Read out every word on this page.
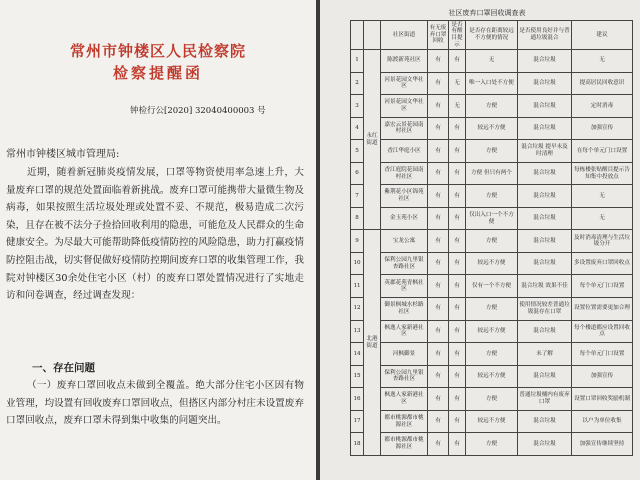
常州市钟楼区人民检察院
检察提醒函
钟检行公[2020] 32040400003 号
常州市钟楼区城市管理局:

近期，随着新冠肺炎疫情发展，口罩等物资使用率急速上升，大量废弃口罩的规范处置面临着新挑战。废弃口罩可能携带大量微生物及病毒，如果按照生活垃圾处理或处置不妥、不规范，极易造成二次污染，且存在被不法分子捡拾回收利用的隐患，可能危及人民群众的生命健康安全。为尽最大可能帮助降低疫情防控的风险隐患，助力打赢疫情防控阻击战，切实督促做好疫情防控期间废弃口罩的收集管理工作，我院对钟楼区30余处住宅小区（村）的废弃口罩处置情况进行了实地走访和问卷调查，经过调查发现：

一、存在问题

（一）废弃口罩回收点未做到全覆盖。绝大部分住宅小区因有物业管理，均设置有回收废弃口罩回收点，但搭区内部分村庄未设置废弃口罩回收点，废弃口罩未得到集中收集的问题突出。

社区废弃口罩回收调查表
		社区街道	有无废弃口罩回收	是否有醒目提示	是否存在距离较远不方便的情况	是否使用良好并与普通垃圾混合	建议
1	永红街道	陈渡新苑社区	有	有	无	混合垃圾	无
2		河景花园文华社区	有	无	唯一入口处不方便	混合垃圾	提高居民回收意识
3		河景花园文华社区	有	无	方便	混合垃圾	定时消毒
4		嘉宏云景花园南村社区	有	有	较远不方便	混合垃圾	加强宣传
5		香江华庭小区	有	有	方便	混合垃圾 提早未及时清理	在每个单元门口设置
6		香江庭院花园南村社区	有	有	方便 但只有两个	混合垃圾	每栋楼张贴醒目提示告知集中投放点
7		紫荆花小区锦苑社区	有	有	方便	混合垃圾	无
8		金玉苑小区	有	有	仅出入口一个不方便	混合垃圾	无
9	北港街道	宝龙公寓	有	有	方便	混合垃圾	及时消毒清理与生活垃圾分开
10		保利公园九里银杏路社区	有	有	较远不方便	混合垃圾	多设置废弃口罩回收点
11		英郡花苑青枫社区	有	有	仅有一个不方便	混合垃圾 效果不佳	每个单元门口设置
12		御景枫城水杉路社区	有	有	方便	使用情况较差普通垃圾混存在口罩	设置位置需要更加合理
13		枫逸人家新港社区	有	有	较远不方便	混合垃圾	每个楼道都应设置回收点
14		河枫御景	有	有	方便	未了解	每个单元门口设置
15		保利公园九里银杏路社区	有	有	较远不方便	混合垃圾	加强宣传
16		枫逸人家新港社区	有	有	方便	普通垃圾桶内有废弃口罩	设置口罩回收奖励机制
17		都市桃源都市桃源社区	有	有	较远不方便	混合垃圾	以户为单位收集
18		都市桃源都市桃源社区	有	有	方便	混合垃圾	加强宣传继续坚持
